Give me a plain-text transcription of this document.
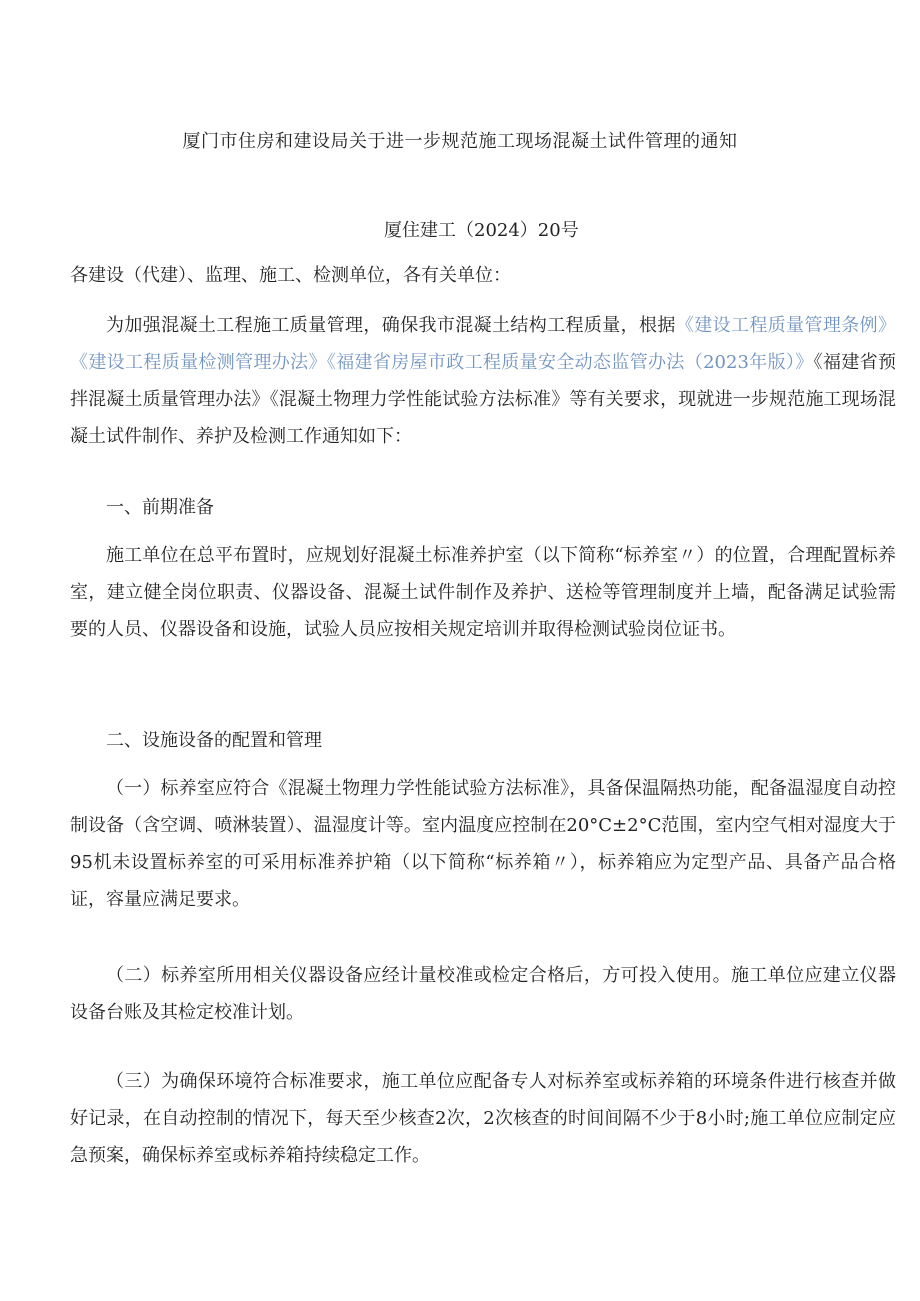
厦门市住房和建设局关于进一步规范施工现场混凝土试件管理的通知
厦住建工（2024）20号
各建设（代建）、监理、施工、检测单位，各有关单位：

为加强混凝土工程施工质量管理，确保我市混凝土结构工程质量，根据《建设工程质量管理条例》《建设工程质量检测管理办法》《福建省房屋市政工程质量安全动态监管办法（2023年版）》《福建省预拌混凝土质量管理办法》《混凝土物理力学性能试验方法标准》等有关要求，现就进一步规范施工现场混凝土试件制作、养护及检测工作通知如下：

一、前期准备

施工单位在总平布置时，应规划好混凝土标准养护室（以下简称“标养室〃）的位置，合理配置标养室，建立健全岗位职责、仪器设备、混凝土试件制作及养护、送检等管理制度并上墙，配备满足试验需要的人员、仪器设备和设施，试验人员应按相关规定培训并取得检测试验岗位证书。

二、设施设备的配置和管理

（一）标养室应符合《混凝土物理力学性能试验方法标准》，具备保温隔热功能，配备温湿度自动控制设备（含空调、喷淋装置）、温湿度计等。室内温度应控制在20°C±2°C范围，室内空气相对湿度大于95机未设置标养室的可采用标准养护箱（以下简称“标养箱〃），标养箱应为定型产品、具备产品合格证，容量应满足要求。

（二）标养室所用相关仪器设备应经计量校准或检定合格后，方可投入使用。施工单位应建立仪器设备台账及其检定校准计划。

（三）为确保环境符合标准要求，施工单位应配备专人对标养室或标养箱的环境条件进行核查并做好记录，在自动控制的情况下，每天至少核查2次，2次核查的时间间隔不少于8小时;施工单位应制定应急预案，确保标养室或标养箱持续稳定工作。
